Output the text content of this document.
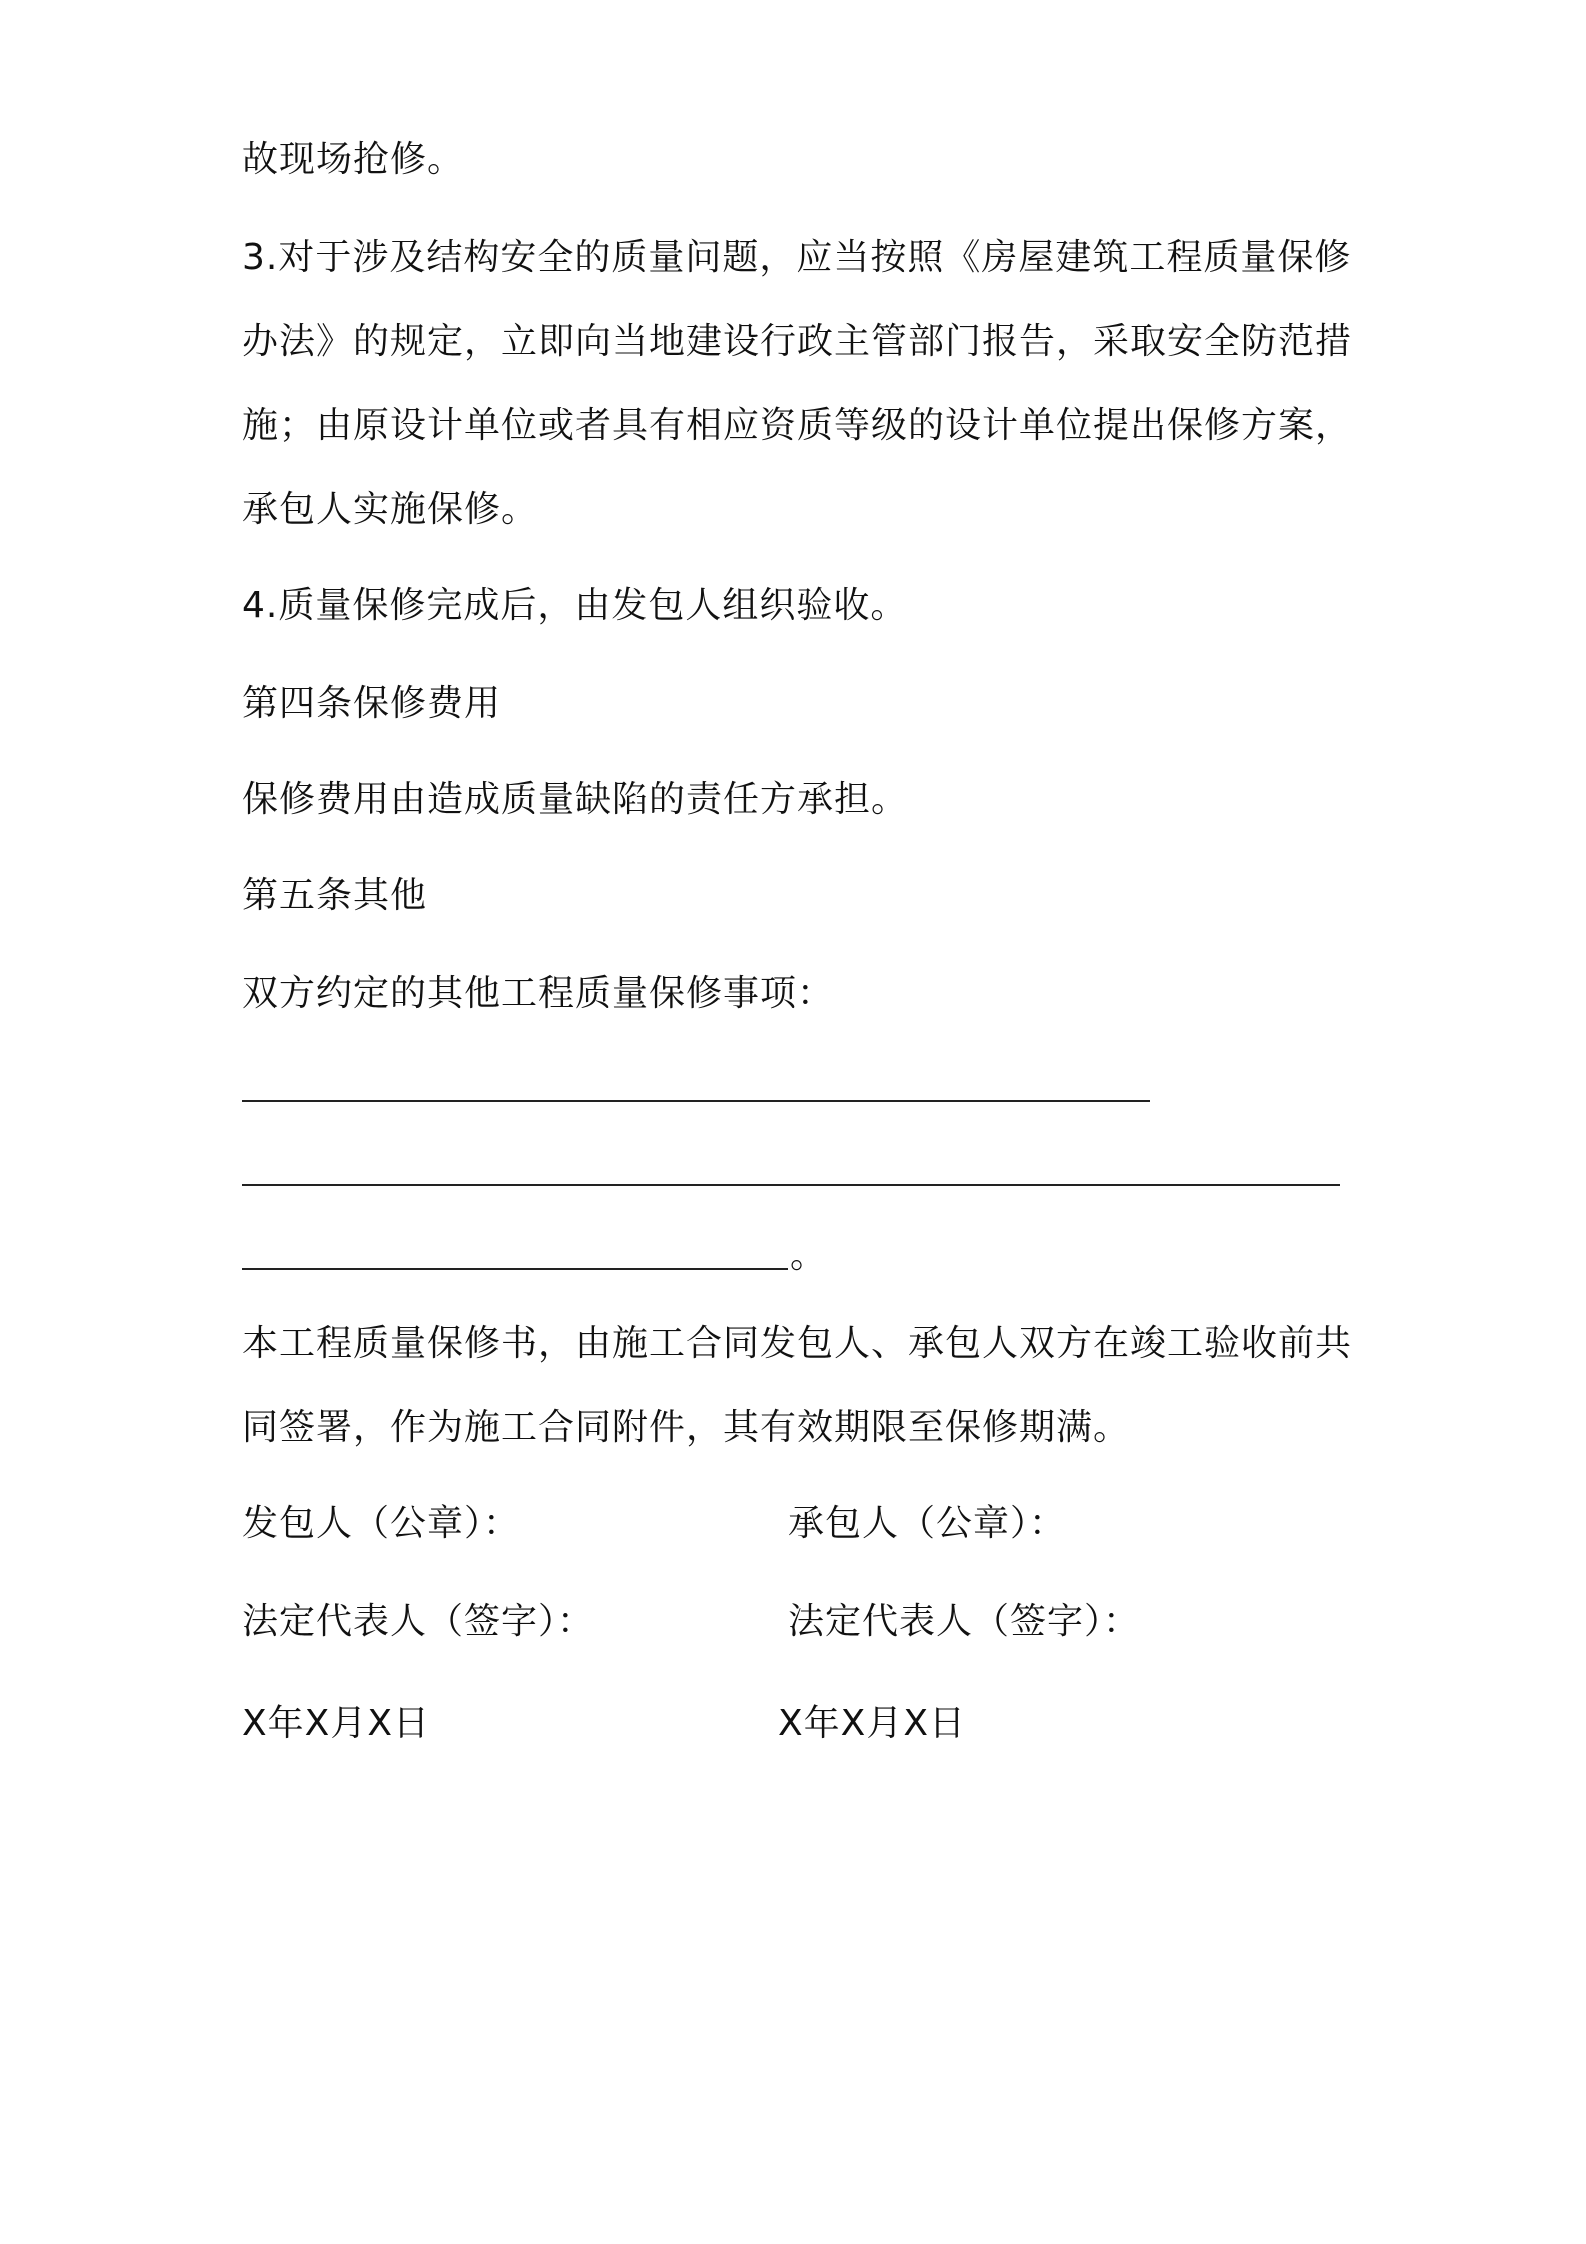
故现场抢修。
3.对于涉及结构安全的质量问题，应当按照《房屋建筑工程质量保修
办法》的规定，立即向当地建设行政主管部门报告，采取安全防范措
施；由原设计单位或者具有相应资质等级的设计单位提出保修方案，
承包人实施保修。
4.质量保修完成后，由发包人组织验收。
第四条保修费用
保修费用由造成质量缺陷的责任方承担。
第五条其他
双方约定的其他工程质量保修事项：
。
本工程质量保修书，由施工合同发包人、承包人双方在竣工验收前共
同签署，作为施工合同附件，其有效期限至保修期满。
发包人（公章）：	承包人（公章）：
法定代表人（签字）：	法定代表人（签字）：
X年X月X日	X年X月X日
